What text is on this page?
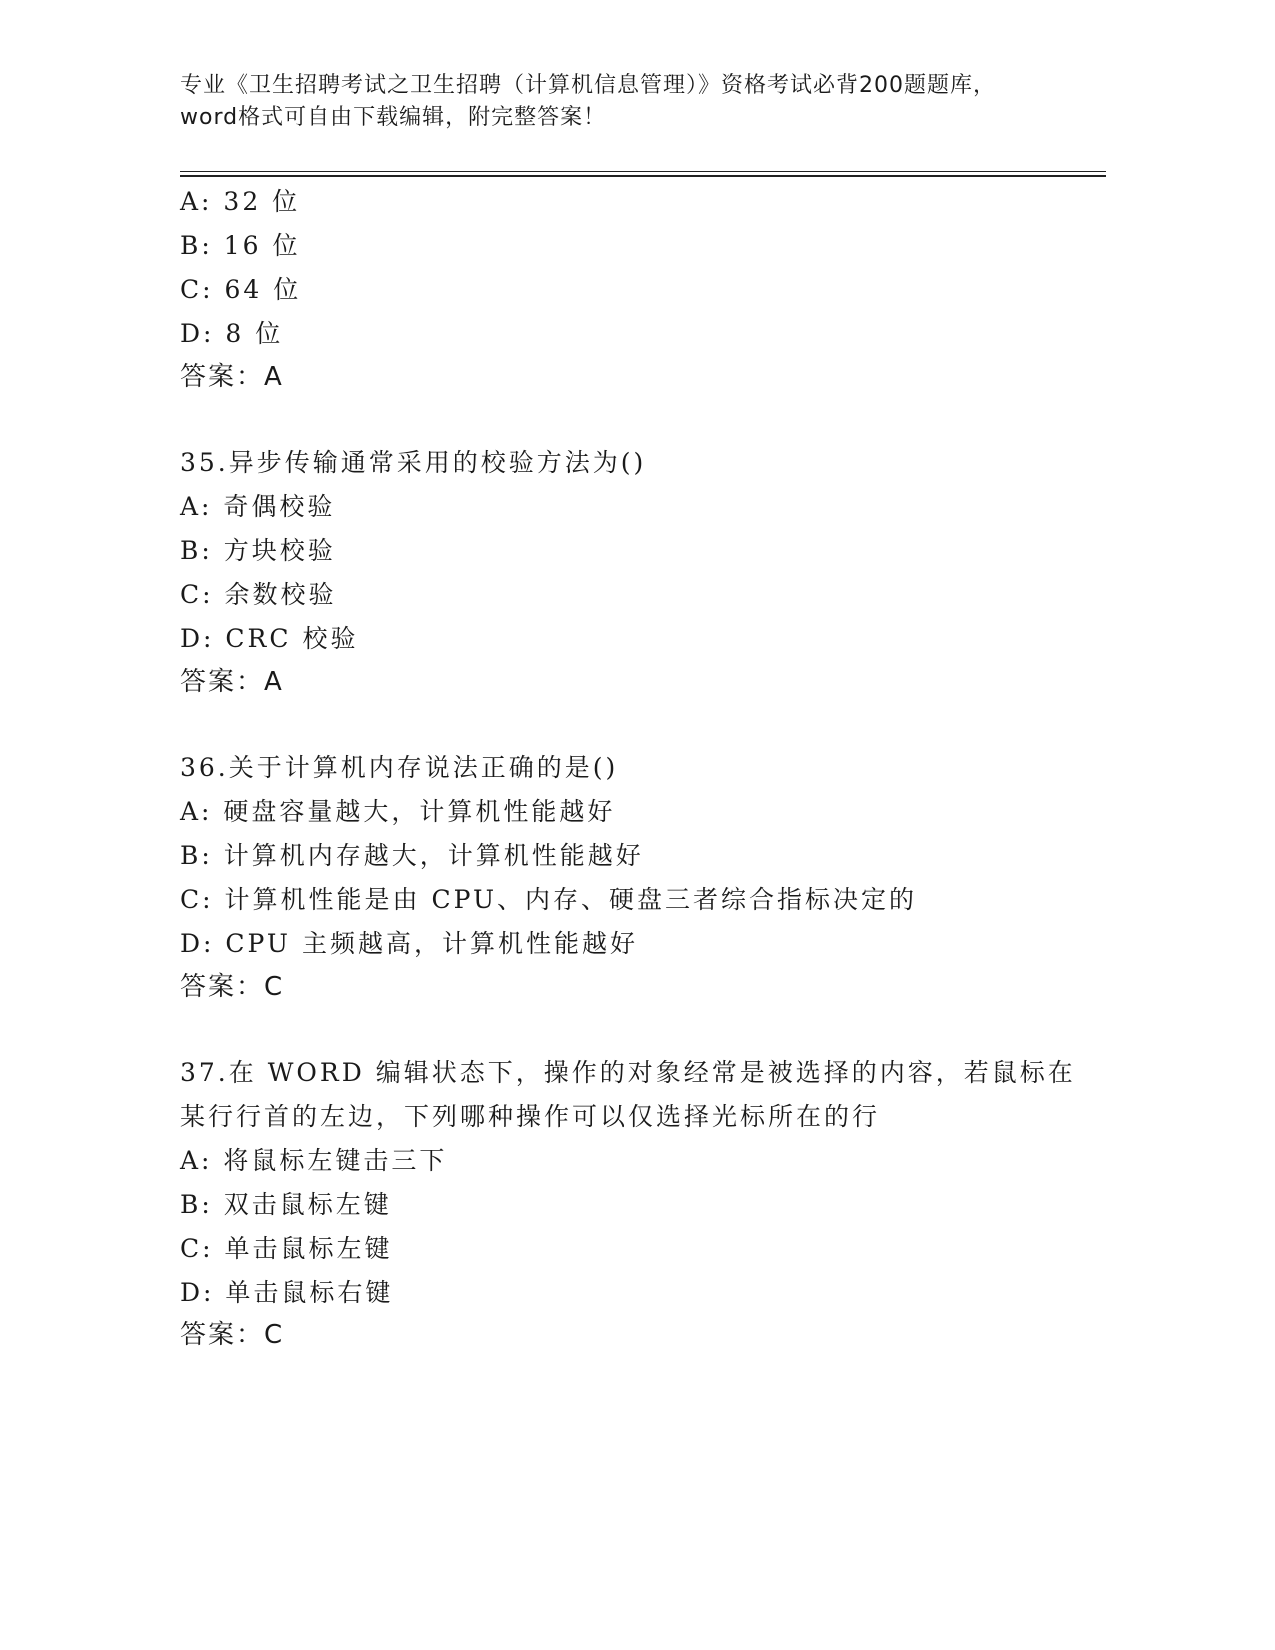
专业《卫生招聘考试之卫生招聘（计算机信息管理）》资格考试必背200题题库，
word格式可自由下载编辑，附完整答案！
A: 32 位
B: 16 位
C: 64 位
D: 8 位
答案：A
35.异步传输通常采用的校验方法为()
A: 奇偶校验
B: 方块校验
C: 余数校验
D: CRC 校验
答案：A
36.关于计算机内存说法正确的是()
A: 硬盘容量越大，计算机性能越好
B: 计算机内存越大，计算机性能越好
C: 计算机性能是由 CPU、内存、硬盘三者综合指标决定的
D: CPU 主频越高，计算机性能越好
答案：C
37.在 WORD 编辑状态下，操作的对象经常是被选择的内容，若鼠标在
某行行首的左边，下列哪种操作可以仅选择光标所在的行
A: 将鼠标左键击三下
B: 双击鼠标左键
C: 单击鼠标左键
D: 单击鼠标右键
答案：C
